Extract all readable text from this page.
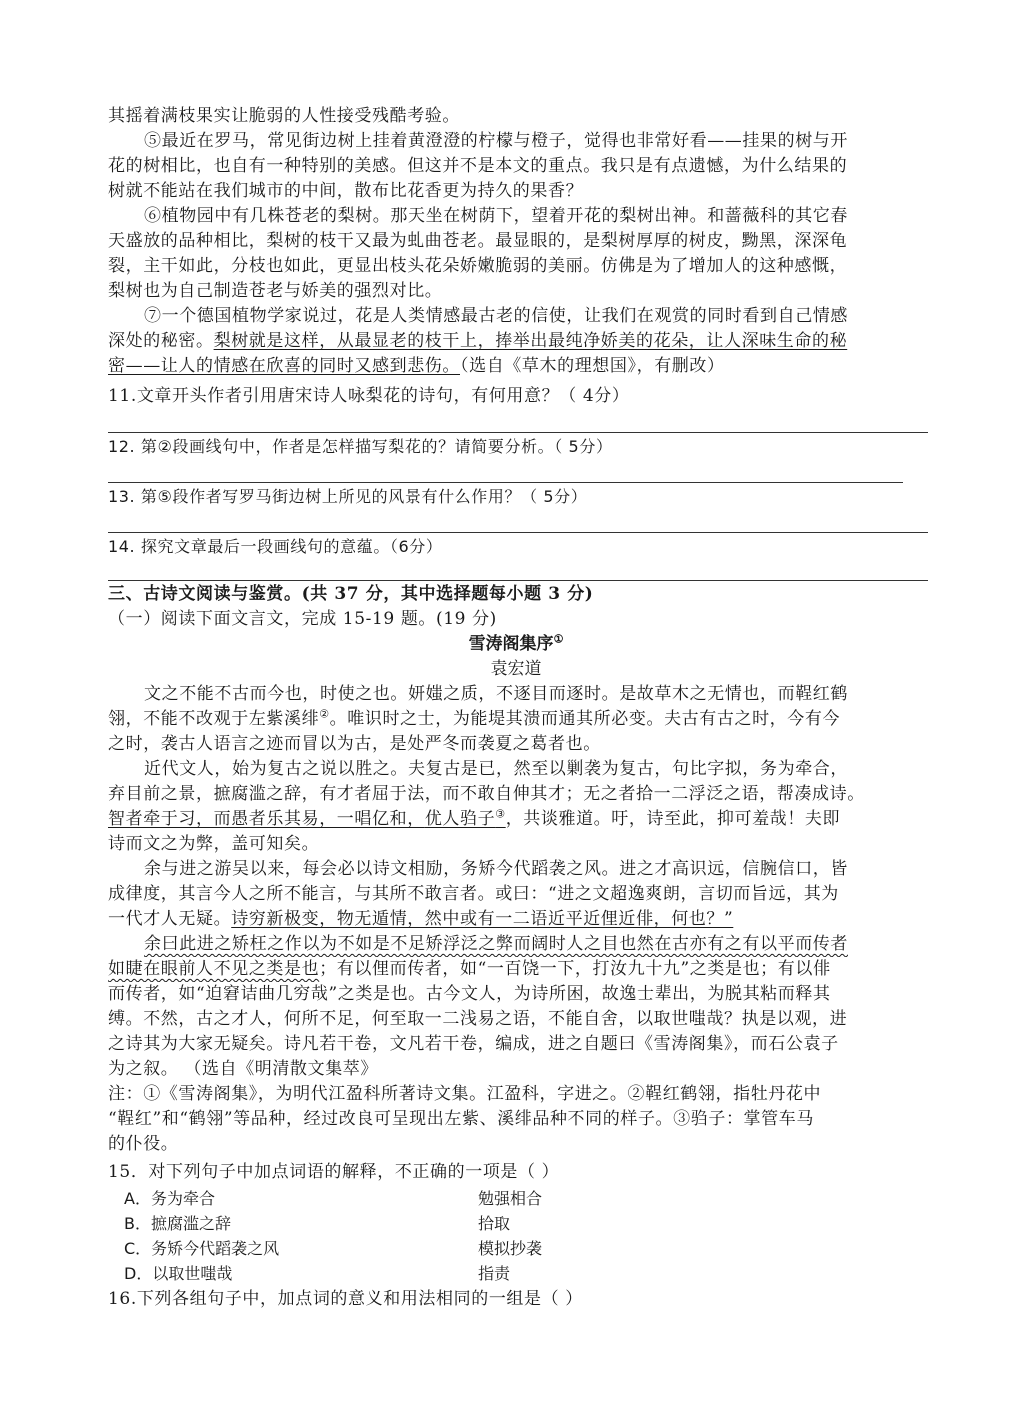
其摇着满枝果实让脆弱的人性接受残酷考验。
⑤最近在罗马，常见街边树上挂着黄澄澄的柠檬与橙子，觉得也非常好看——挂果的树与开
花的树相比，也自有一种特别的美感。但这并不是本文的重点。我只是有点遗憾，为什么结果的
树就不能站在我们城市的中间，散布比花香更为持久的果香？
⑥植物园中有几株苍老的梨树。那天坐在树荫下，望着开花的梨树出神。和蔷薇科的其它春
天盛放的品种相比，梨树的枝干又最为虬曲苍老。最显眼的，是梨树厚厚的树皮，黝黑，深深龟
裂，主干如此，分枝也如此，更显出枝头花朵娇嫩脆弱的美丽。仿佛是为了增加人的这种感慨，
梨树也为自己制造苍老与娇美的强烈对比。
⑦一个德国植物学家说过，花是人类情感最古老的信使，让我们在观赏的同时看到自己情感
深处的秘密。梨树就是这样，从最显老的枝干上，捧举出最纯净娇美的花朵，让人深味生命的秘
密——让人的情感在欣喜的同时又感到悲伤。（选自《草木的理想国》，有删改）
11.文章开头作者引用唐宋诗人咏梨花的诗句，有何用意？（ 4分）
12. 第②段画线句中，作者是怎样描写梨花的？请简要分析。（ 5分）
13. 第⑤段作者写罗马街边树上所见的风景有什么作用？（ 5分）
14. 探究文章最后一段画线句的意蕴。（6分）
三、古诗文阅读与鉴赏。(共 37 分，其中选择题每小题 3 分)
（一）阅读下面文言文，完成 15-19 题。(19 分)
雪涛阁集序①
袁宏道
文之不能不古而今也，时使之也。妍媸之质，不逐目而逐时。是故草木之无情也，而鞓红鹤
翎，不能不改观于左紫溪绯②。唯识时之士，为能堤其溃而通其所必变。夫古有古之时，今有今
之时，袭古人语言之迹而冒以为古，是处严冬而袭夏之葛者也。
近代文人，始为复古之说以胜之。夫复古是已，然至以剿袭为复古，句比字拟，务为牵合，
弃目前之景，摭腐滥之辞，有才者屈于法，而不敢自伸其才；无之者拾一二浮泛之语，帮凑成诗。
智者牵于习，而愚者乐其易，一唱亿和，优人驺子③，共谈雅道。吁，诗至此，抑可羞哉！夫即
诗而文之为弊，盖可知矣。
余与进之游吴以来，每会必以诗文相励，务矫今代蹈袭之风。进之才高识远，信腕信口，皆
成律度，其言今人之所不能言，与其所不敢言者。或曰：“进之文超逸爽朗，言切而旨远，其为
一代才人无疑。诗穷新极变，物无遁情，然中或有一二语近平近俚近俳，何也？”
余曰此进之矫枉之作以为不如是不足矫浮泛之弊而阔时人之目也然在古亦有之有以平而传者
如睫在眼前人不见之类是也；有以俚而传者，如“一百饶一下，打汝九十九”之类是也；有以俳
而传者，如“迫窘诘曲几穷哉”之类是也。古今文人，为诗所困，故逸士辈出，为脱其粘而释其
缚。不然，古之才人，何所不足，何至取一二浅易之语，不能自舍，以取世嗤哉？执是以观，进
之诗其为大家无疑矣。诗凡若干卷，文凡若干卷，编成，进之自题曰《雪涛阁集》，而石公袁子
为之叙。 （选自《明清散文集萃》
注：①《雪涛阁集》，为明代江盈科所著诗文集。江盈科，字进之。②鞓红鹤翎，指牡丹花中
“鞓红”和“鹤翎”等品种，经过改良可呈现出左紫、溪绯品种不同的样子。③驺子：掌管车马
的仆役。
15．对下列句子中加点词语的解释，不正确的一项是（ ）
A．务为牵合	勉强相合
B．摭腐滥之辞	拾取
C．务矫今代蹈袭之风	模拟抄袭
D．以取世嗤哉	指责
16.下列各组句子中，加点词的意义和用法相同的一组是（ ）
